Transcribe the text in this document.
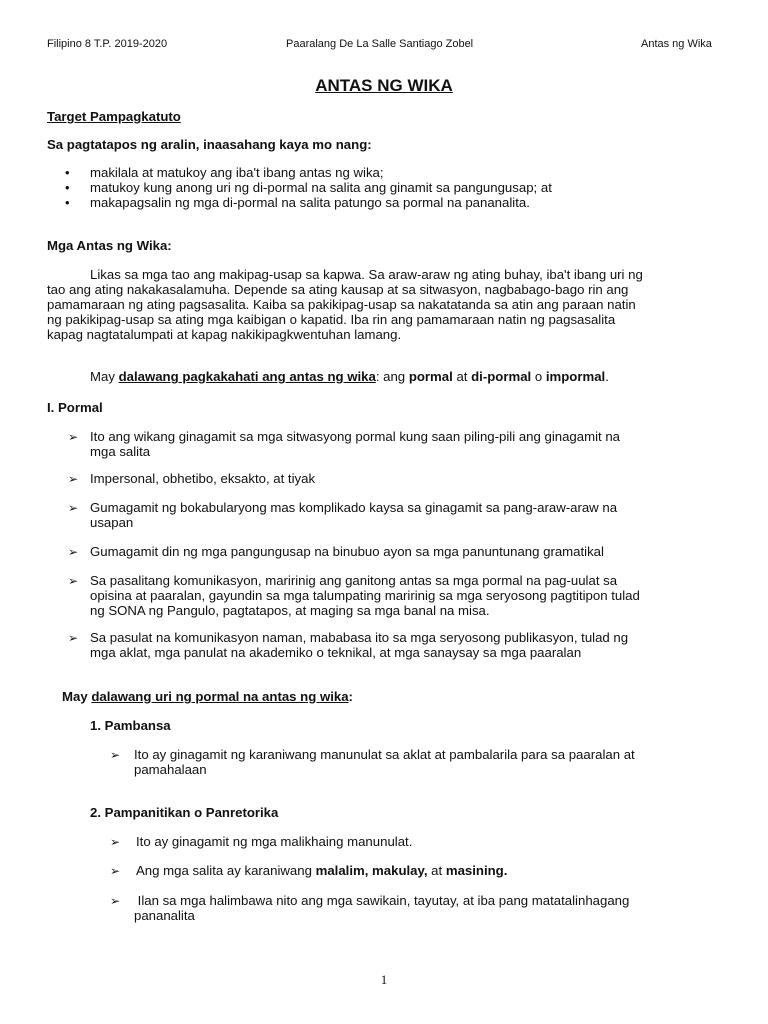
Filipino 8 T.P. 2019-2020	Paaralang De La Salle Santiago Zobel	Antas ng Wika
ANTAS NG WIKA
Target Pampagkatuto
Sa pagtatapos ng aralin, inaasahang kaya mo nang:
• makilala at matukoy ang iba't ibang antas ng wika;
• matukoy kung anong uri ng di-pormal na salita ang ginamit sa pangungusap; at
• makapagsalin ng mga di-pormal na salita patungo sa pormal na pananalita.
Mga Antas ng Wika:
Likas sa mga tao ang makipag-usap sa kapwa. Sa araw-araw ng ating buhay, iba't ibang uri ng
tao ang ating nakakasalamuha. Depende sa ating kausap at sa sitwasyon, nagbabago-bago rin ang
pamamaraan ng ating pagsasalita. Kaiba sa pakikipag-usap sa nakatatanda sa atin ang paraan natin
ng pakikipag-usap sa ating mga kaibigan o kapatid. Iba rin ang pamamaraan natin ng pagsasalita
kapag nagtatalumpati at kapag nakikipagkwentuhan lamang.
May dalawang pagkakahati ang antas ng wika: ang pormal at di-pormal o impormal.
I. Pormal
➢ Ito ang wikang ginagamit sa mga sitwasyong pormal kung saan piling-pili ang ginagamit na
mga salita
➢ Impersonal, obhetibo, eksakto, at tiyak
➢ Gumagamit ng bokabularyong mas komplikado kaysa sa ginagamit sa pang-araw-araw na
usapan
➢ Gumagamit din ng mga pangungusap na binubuo ayon sa mga panuntunang gramatikal
➢ Sa pasalitang komunikasyon, maririnig ang ganitong antas sa mga pormal na pag-uulat sa
opisina at paaralan, gayundin sa mga talumpating maririnig sa mga seryosong pagtitipon tulad
ng SONA ng Pangulo, pagtatapos, at maging sa mga banal na misa.
➢ Sa pasulat na komunikasyon naman, mababasa ito sa mga seryosong publikasyon, tulad ng
mga aklat, mga panulat na akademiko o teknikal, at mga sanaysay sa mga paaralan
May dalawang uri ng pormal na antas ng wika:
1. Pambansa
➢ Ito ay ginagamit ng karaniwang manunulat sa aklat at pambalarila para sa paaralan at
pamahalaan
2. Pampanitikan o Panretorika
➢ Ito ay ginagamit ng mga malikhaing manunulat.
➢ Ang mga salita ay karaniwang malalim, makulay, at masining.
➢ Ilan sa mga halimbawa nito ang mga sawikain, tayutay, at iba pang matatalinhagang
pananalita
1
